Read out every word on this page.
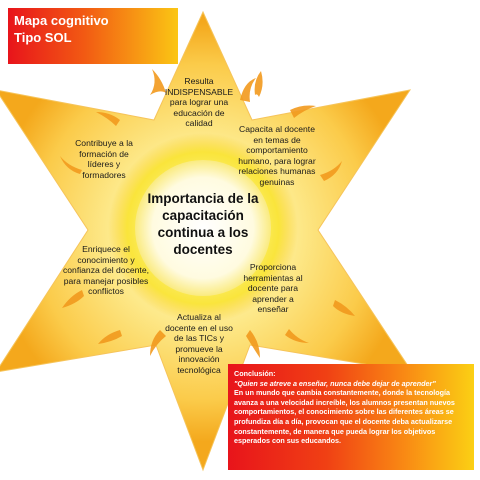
Mapa cognitivo
Tipo SOL
Importancia de la capacitación continua a los docentes
Resulta INDISPENSABLE para lograr una educación de calidad
Capacita al docente en temas de comportamiento humano, para lograr relaciones humanas genuinas
Proporciona herramientas al docente para aprender a enseñar
Actualiza al docente en el uso de las TICs y promueve la innovación tecnológica
Enriquece el conocimiento y confianza del docente, para manejar posibles conflictos
Contribuye a la formación de líderes y formadores
Conclusión:
"Quien se atreve a enseñar, nunca debe dejar de aprender"
En un mundo que cambia constantemente, donde la tecnología avanza a una velocidad increíble, los alumnos presentan nuevos comportamientos, el conocimiento sobre las diferentes áreas se profundiza día a día, provocan que el docente deba actualizarse constantemente, de manera que pueda lograr los objetivos esperados con sus educandos.
